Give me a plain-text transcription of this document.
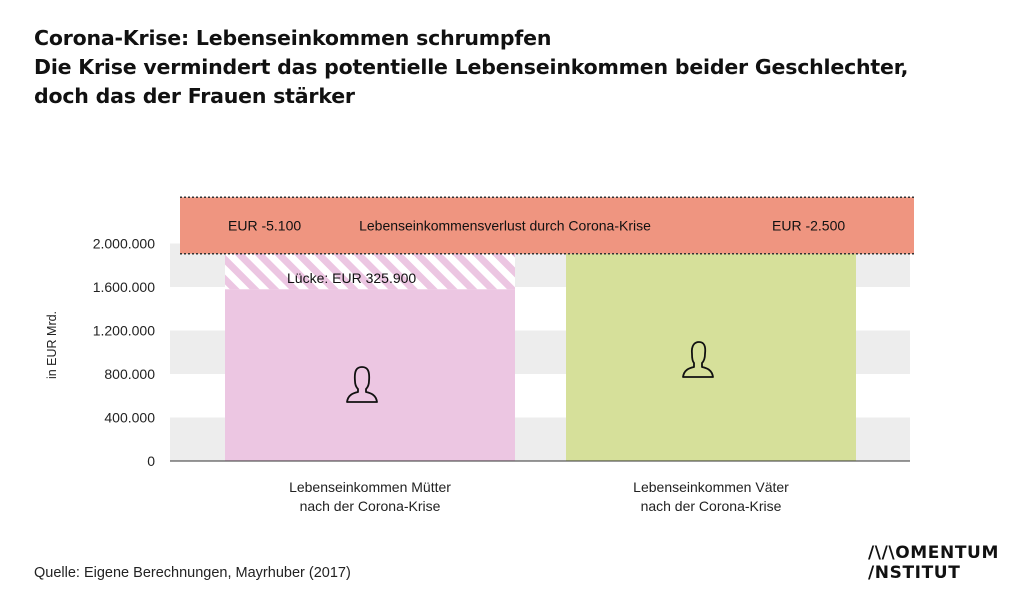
Corona-Krise: Lebenseinkommen schrumpfen
Die Krise vermindert das potentielle Lebenseinkommen beider Geschlechter,
doch das der Frauen stärker
0
400.000
800.000
1.200.000
1.600.000
2.000.000
in EUR Mrd.
Lücke: EUR 325.900
EUR -5.100	Lebenseinkommensverlust durch Corona-Krise	EUR -2.500
Lebenseinkommen Mütter
nach der Corona-Krise
Lebenseinkommen Väter
nach der Corona-Krise
Quelle: Eigene Berechnungen, Mayrhuber (2017)
/\/\OMENTUM
/NSTITUT
